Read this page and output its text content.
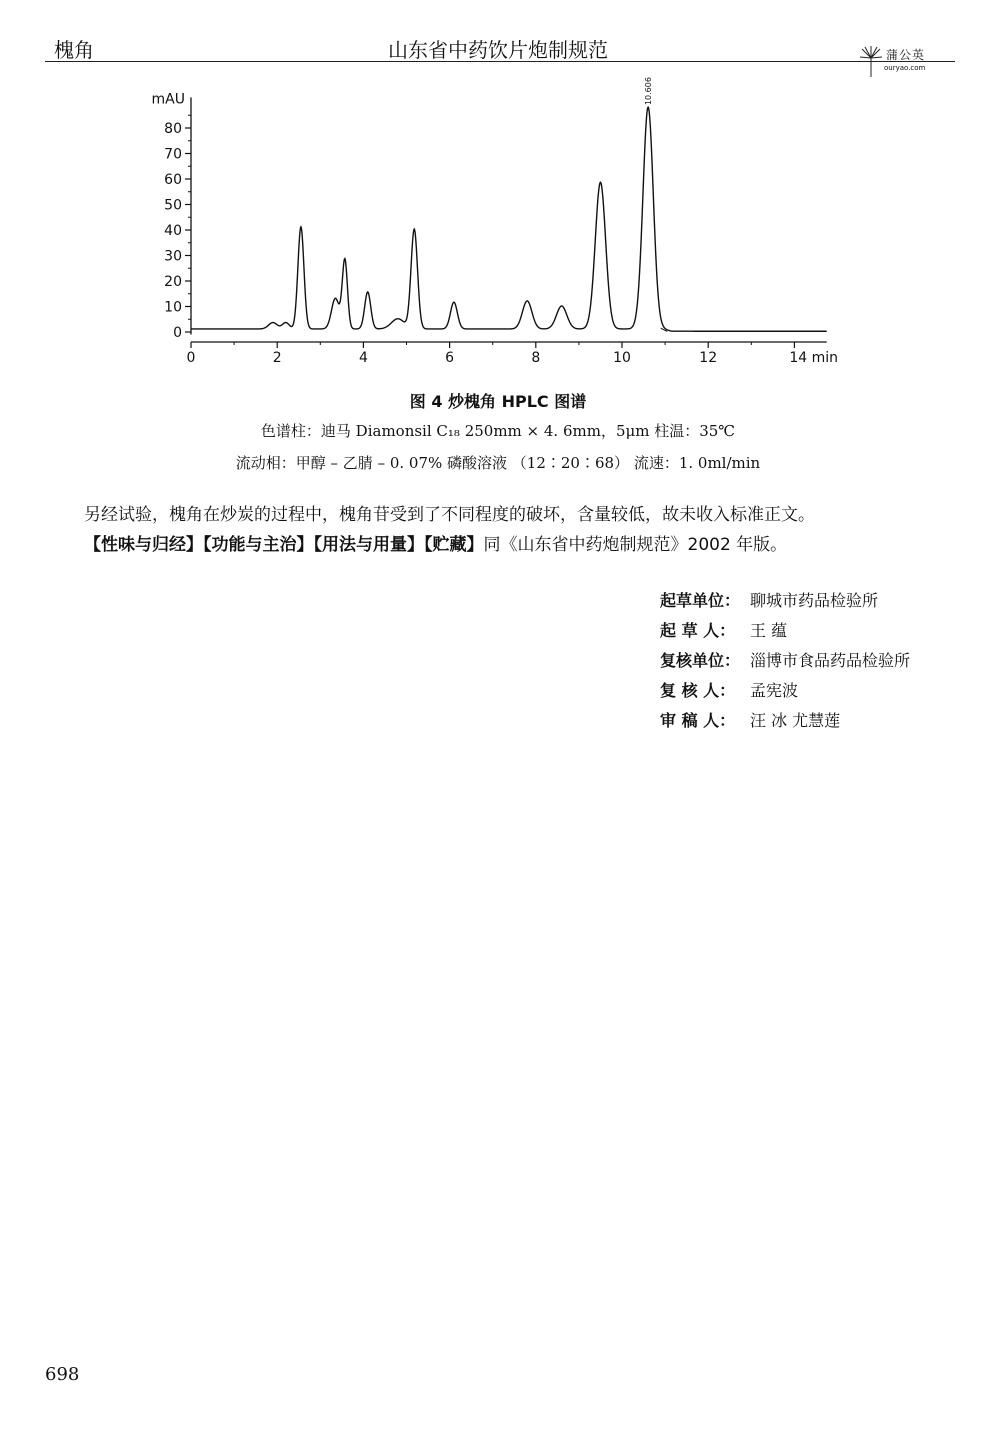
槐角	山东省中药饮片炮制规范	蒲公英
ouryao.com
0	2	4	6	8	10	12	14 min
0
10
20
30
40
50
60
70
80
10.606
mAU
图 4 炒槐角 HPLC 图谱
色谱柱：迪马 Diamonsil C₁₈ 250mm × 4. 6mm，5μm 柱温：35℃
流动相：甲醇 – 乙腈 – 0. 07% 磷酸溶液 （12∶20∶68） 流速：1. 0ml/min
另经试验，槐角在炒炭的过程中，槐角苷受到了不同程度的破坏，含量较低，故未收入标准正文。
【性味与归经】【功能与主治】【用法与用量】【贮藏】同《山东省中药炮制规范》2002 年版。
起草单位： 聊城市药品检验所
起 草 人： 王 蕴
复核单位： 淄博市食品药品检验所
复 核 人： 孟宪波
审 稿 人： 汪 冰 尤慧莲
698
